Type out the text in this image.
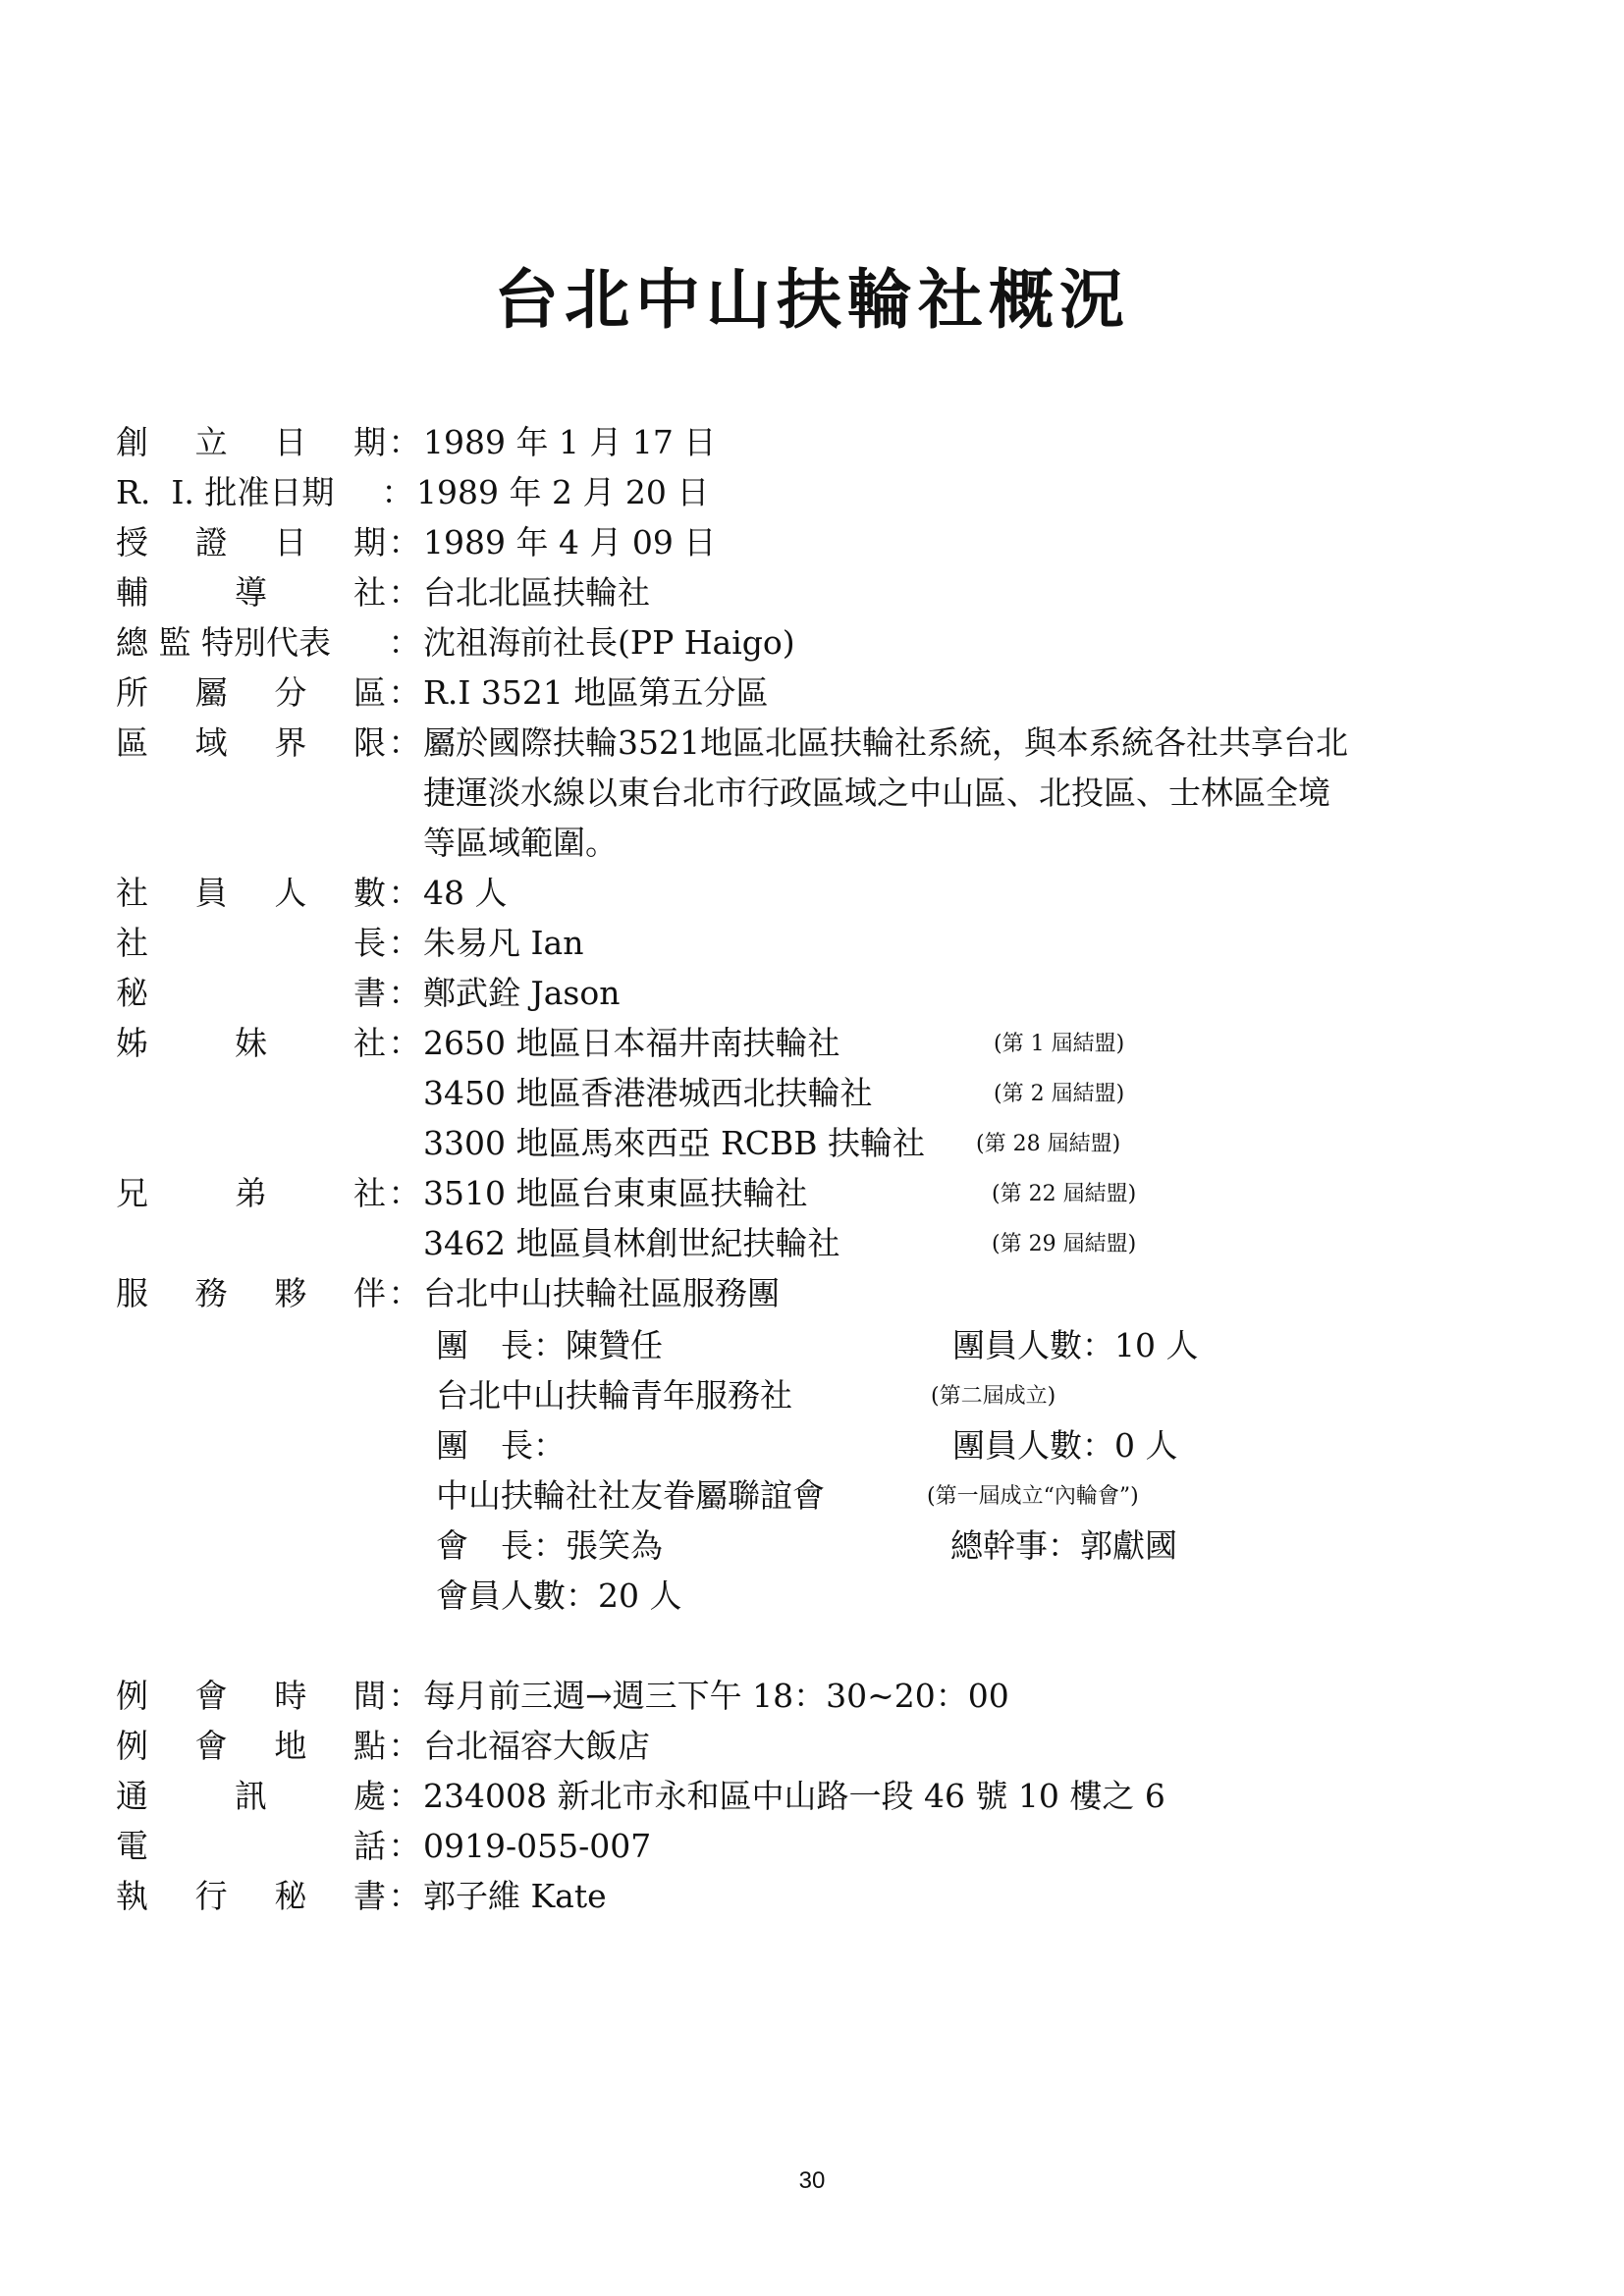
台北中山扶輪社概況
創 立 日 期 ： 1989 年 1 月 17 日
R.  I. 批准日期	： 1989 年 2 月 20 日
授 證 日 期 ： 1989 年 4 月 09 日
輔	導	社 ： 台北北區扶輪社
總 監 特別代表	： 沈祖海前社長(PP Haigo)
所 屬 分 區 ： R.I 3521 地區第五分區
區 域 界 限 ： 屬於國際扶輪3521地區北區扶輪社系統，與本系統各社共享台北
捷運淡水線以東台北市行政區域之中山區、北投區、士林區全境
等區域範圍。
社 員 人 數 ： 48 人
社	長 ： 朱易凡 Ian
秘	書 ： 鄭武銓 Jason
姊	妹	社 ： 2650 地區日本福井南扶輪社	(第 1 屆結盟)
3450 地區香港港城西北扶輪社	(第 2 屆結盟)
3300 地區馬來西亞 RCBB 扶輪社 (第 28 屆結盟)
兄	弟	社 ： 3510 地區台東東區扶輪社	(第 22 屆結盟)
3462 地區員林創世紀扶輪社	(第 29 屆結盟)
服 務 夥 伴 ： 台北中山扶輪社區服務團
團　長：陳贊任	團員人數：10 人
台北中山扶輪青年服務社	(第二屆成立)
團　長：	團員人數：0 人
中山扶輪社社友眷屬聯誼會	(第一屆成立“內輪會”)
會　長：張笑為	總幹事：郭獻國
會員人數：20 人
例 會 時 間 ： 每月前三週→週三下午 18：30~20：00
例 會 地 點 ： 台北福容大飯店
通	訊	處 ： 234008 新北市永和區中山路一段 46 號 10 樓之 6
電	話 ： 0919-055-007
執 行 秘 書 ： 郭子維 Kate
30
